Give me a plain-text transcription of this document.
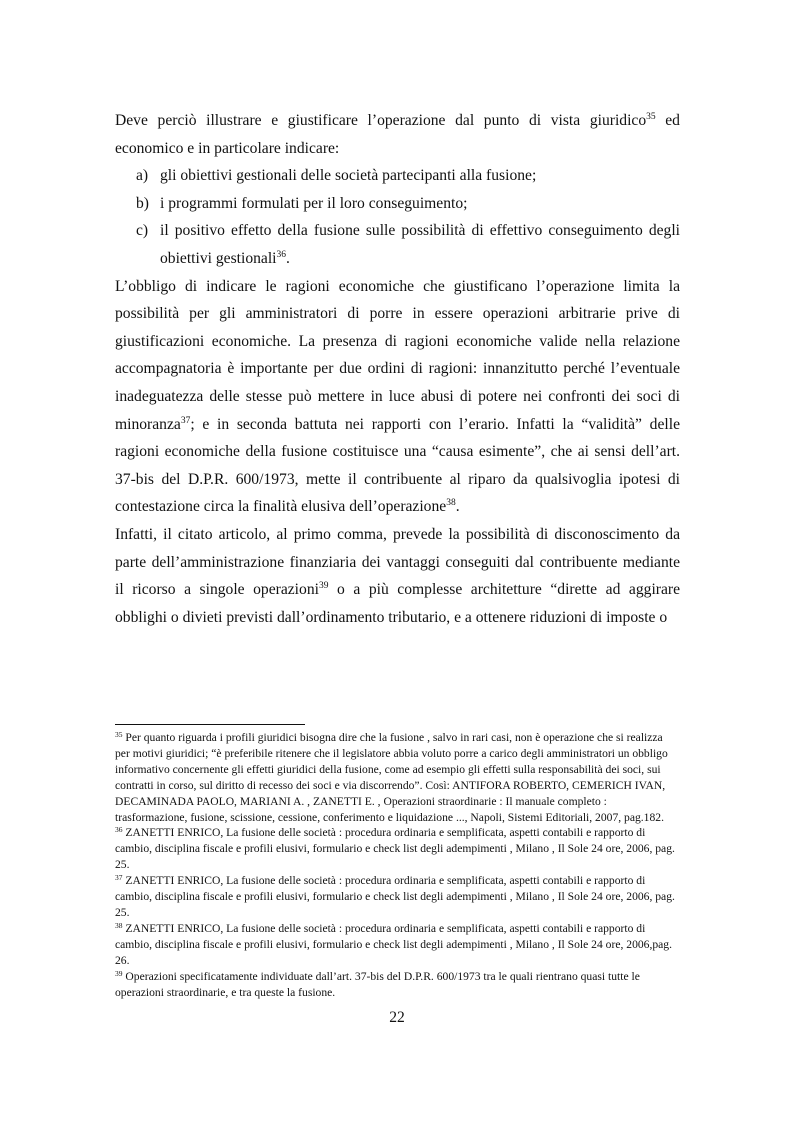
Deve perciò illustrare e giustificare l’operazione dal punto di vista giuridico$^{35}$ ed economico e in particolare indicare:

a) gli obiettivi gestionali delle società partecipanti alla fusione;
b) i programmi formulati per il loro conseguimento;
c) il positivo effetto della fusione sulle possibilità di effettivo conseguimento degli obiettivi gestionali$^{36}$.

L’obbligo di indicare le ragioni economiche che giustificano l’operazione limita la possibilità per gli amministratori di porre in essere operazioni arbitrarie prive di giustificazioni economiche. La presenza di ragioni economiche valide nella relazione accompagnatoria è importante per due ordini di ragioni: innanzitutto perché l’eventuale inadeguatezza delle stesse può mettere in luce abusi di potere nei confronti dei soci di minoranza$^{37}$; e in seconda battuta nei rapporti con l’erario. Infatti la “validità” delle ragioni economiche della fusione costituisce una “causa esimente”, che ai sensi dell’art. 37-bis del D.P.R. 600/1973, mette il contribuente al riparo da qualsivoglia ipotesi di contestazione circa la finalità elusiva dell’operazione$^{38}$.

Infatti, il citato articolo, al primo comma, prevede la possibilità di disconoscimento da parte dell’amministrazione finanziaria dei vantaggi conseguiti dal contribuente mediante il ricorso a singole operazioni$^{39}$ o a più complesse architetture “dirette ad aggirare obblighi o divieti previsti dall’ordinamento tributario, e a ottenere riduzioni di imposte o

$^{35}$ Per quanto riguarda i profili giuridici bisogna dire che la fusione , salvo in rari casi, non è operazione che si realizza per motivi giuridici; “è preferibile ritenere che il legislatore abbia voluto porre a carico degli amministratori un obbligo informativo concernente gli effetti giuridici della fusione, come ad esempio gli effetti sulla responsabilità dei soci, sui contratti in corso, sul diritto di recesso dei soci e via discorrendo”. Così: ANTIFORA ROBERTO, CEMERICH IVAN, DECAMINADA PAOLO, MARIANI A. , ZANETTI E. , Operazioni straordinarie : Il manuale completo : trasformazione, fusione, scissione, cessione, conferimento e liquidazione ..., Napoli, Sistemi Editoriali, 2007, pag.182.

$^{36}$ ZANETTI ENRICO, La fusione delle società : procedura ordinaria e semplificata, aspetti contabili e rapporto di cambio, disciplina fiscale e profili elusivi, formulario e check list degli adempimenti , Milano , Il Sole 24 ore, 2006, pag. 25.

$^{37}$ ZANETTI ENRICO, La fusione delle società : procedura ordinaria e semplificata, aspetti contabili e rapporto di cambio, disciplina fiscale e profili elusivi, formulario e check list degli adempimenti , Milano , Il Sole 24 ore, 2006, pag. 25.

$^{38}$ ZANETTI ENRICO, La fusione delle società : procedura ordinaria e semplificata, aspetti contabili e rapporto di cambio, disciplina fiscale e profili elusivi, formulario e check list degli adempimenti , Milano , Il Sole 24 ore, 2006,pag. 26.

$^{39}$ Operazioni specificatamente individuate dall’art. 37-bis del D.P.R. 600/1973 tra le quali rientrano quasi tutte le operazioni straordinarie, e tra queste la fusione.

22
